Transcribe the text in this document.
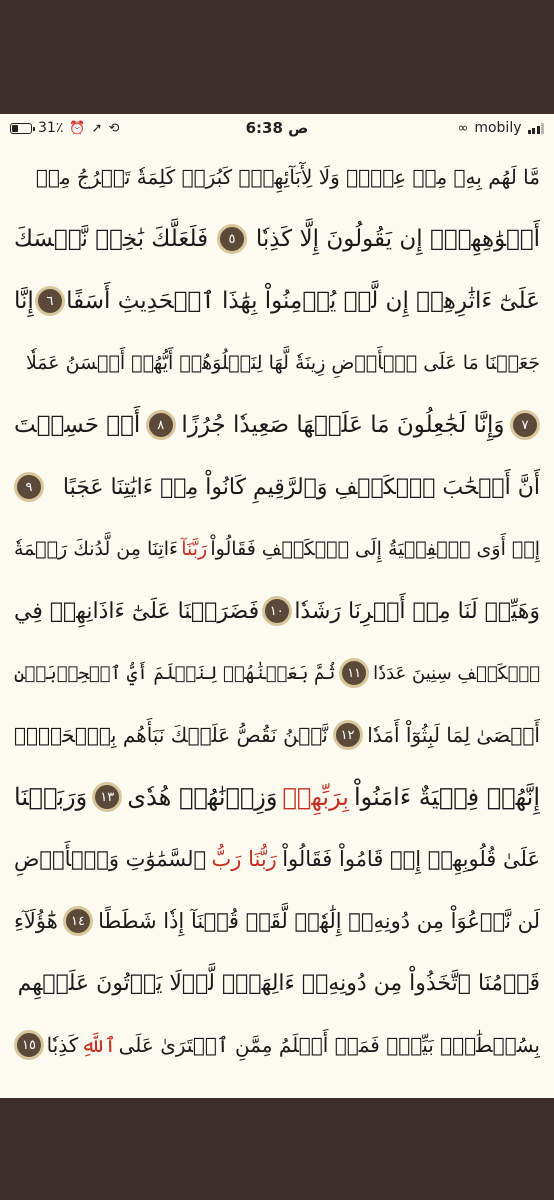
31٪ ⏰ ➚ ⟲	ص 6:38	∞ mobily
مَّا لَهُم بِهِۦ مِنۡ عِلۡمٖ وَلَا لِأٓبَآئِهِمۡۚ كَبُرَتۡ كَلِمَةٗ تَخۡرُجُ مِنۡ
أَفۡوَٰهِهِمۡۚ إِن يَقُولُونَ إِلَّا كَذِبٗا
٥
فَلَعَلَّكَ بَٰخِعٞ نَّفۡسَكَ
عَلَىٰٓ ءَاثَٰرِهِمۡ إِن لَّمۡ يُؤۡمِنُواْ بِهَٰذَا ٱلۡحَدِيثِ أَسَفًا
٦
إِنَّا
جَعَلۡنَا مَا عَلَى ٱلۡأَرۡضِ زِينَةٗ لَّهَا لِنَبۡلُوَهُمۡ أَيُّهُمۡ أَحۡسَنُ عَمَلٗا
٧
وَإِنَّا لَجَٰعِلُونَ مَا عَلَيۡهَا صَعِيدٗا جُرُزًا
٨
أَمۡ حَسِبۡتَ
أَنَّ أَصۡحَٰبَ ٱلۡكَهۡفِ وَٱلرَّقِيمِ كَانُواْ مِنۡ ءَايَٰتِنَا عَجَبًا
٩
إِذۡ أَوَى ٱلۡفِتۡيَةُ إِلَى ٱلۡكَهۡفِ فَقَالُواْ
رَبَّنَآ
ءَاتِنَا مِن لَّدُنكَ رَحۡمَةٗ
وَهَيِّئۡ لَنَا مِنۡ أَمۡرِنَا رَشَدٗا
١٠
فَضَرَبۡنَا عَلَىٰٓ ءَاذَانِهِمۡ فِي
ٱلۡكَهۡفِ سِنِينَ عَدَدٗا
١١
ثُمَّ بَعَثۡنَٰهُمۡ لِنَعۡلَمَ أَيُّ ٱلۡحِزۡبَيۡنِ
أَحۡصَىٰ لِمَا لَبِثُوٓاْ أَمَدٗا
١٢
نَّحۡنُ نَقُصُّ عَلَيۡكَ نَبَأَهُم بِٱلۡحَقِّۚ
إِنَّهُمۡ فِتۡيَةٌ ءَامَنُواْ
بِرَبِّهِمۡ
وَزِدۡنَٰهُمۡ هُدٗى
١٣
وَرَبَطۡنَا
عَلَىٰ قُلُوبِهِمۡ إِذۡ قَامُواْ فَقَالُواْ
رَبُّنَا رَبُّ
ٱلسَّمَٰوَٰتِ وَٱلۡأَرۡضِ
لَن نَّدۡعُوَاْ مِن دُونِهِۦٓ إِلَٰهٗاۖ لَّقَدۡ قُلۡنَآ إِذٗا شَطَطًا
١٤
هَٰٓؤُلَآءِ
قَوۡمُنَا ٱتَّخَذُواْ مِن دُونِهِۦٓ ءَالِهَةٗۖ لَّوۡلَا يَأۡتُونَ عَلَيۡهِم
بِسُلۡطَٰنِۭ بَيِّنٖۖ فَمَنۡ أَظۡلَمُ مِمَّنِ ٱفۡتَرَىٰ عَلَى
ٱللَّهِ
كَذِبٗا
١٥
